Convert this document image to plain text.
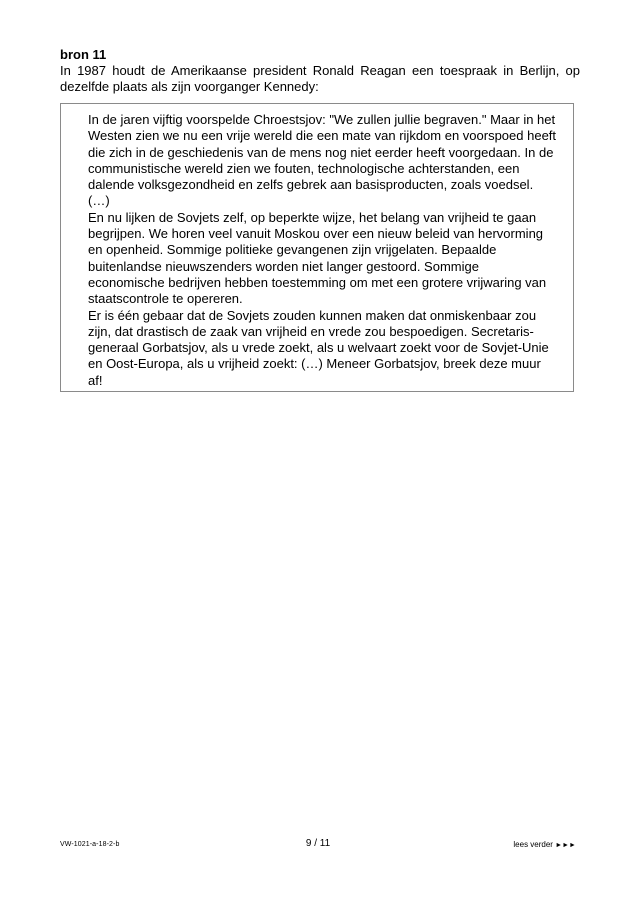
bron 11
In 1987 houdt de Amerikaanse president Ronald Reagan een toespraak in Berlijn, op dezelfde plaats als zijn voorganger Kennedy:

In de jaren vijftig voorspelde Chroestsjov: "We zullen jullie begraven." Maar in het Westen zien we nu een vrije wereld die een mate van rijkdom en voorspoed heeft die zich in de geschiedenis van de mens nog niet eerder heeft voorgedaan. In de communistische wereld zien we fouten, technologische achterstanden, een dalende volksgezondheid en zelfs gebrek aan basisproducten, zoals voedsel. (…)

En nu lijken de Sovjets zelf, op beperkte wijze, het belang van vrijheid te gaan begrijpen. We horen veel vanuit Moskou over een nieuw beleid van hervorming en openheid. Sommige politieke gevangenen zijn vrijgelaten. Bepaalde buitenlandse nieuwszenders worden niet langer gestoord. Sommige economische bedrijven hebben toestemming om met een grotere vrijwaring van staatscontrole te opereren.

Er is één gebaar dat de Sovjets zouden kunnen maken dat onmiskenbaar zou zijn, dat drastisch de zaak van vrijheid en vrede zou bespoedigen. Secretaris-generaal Gorbatsjov, als u vrede zoekt, als u welvaart zoekt voor de Sovjet-Unie en Oost-Europa, als u vrijheid zoekt: (…) Meneer Gorbatsjov, breek deze muur af!

VW-1021-a-18-2-b	9 / 11	lees verder ►►►
